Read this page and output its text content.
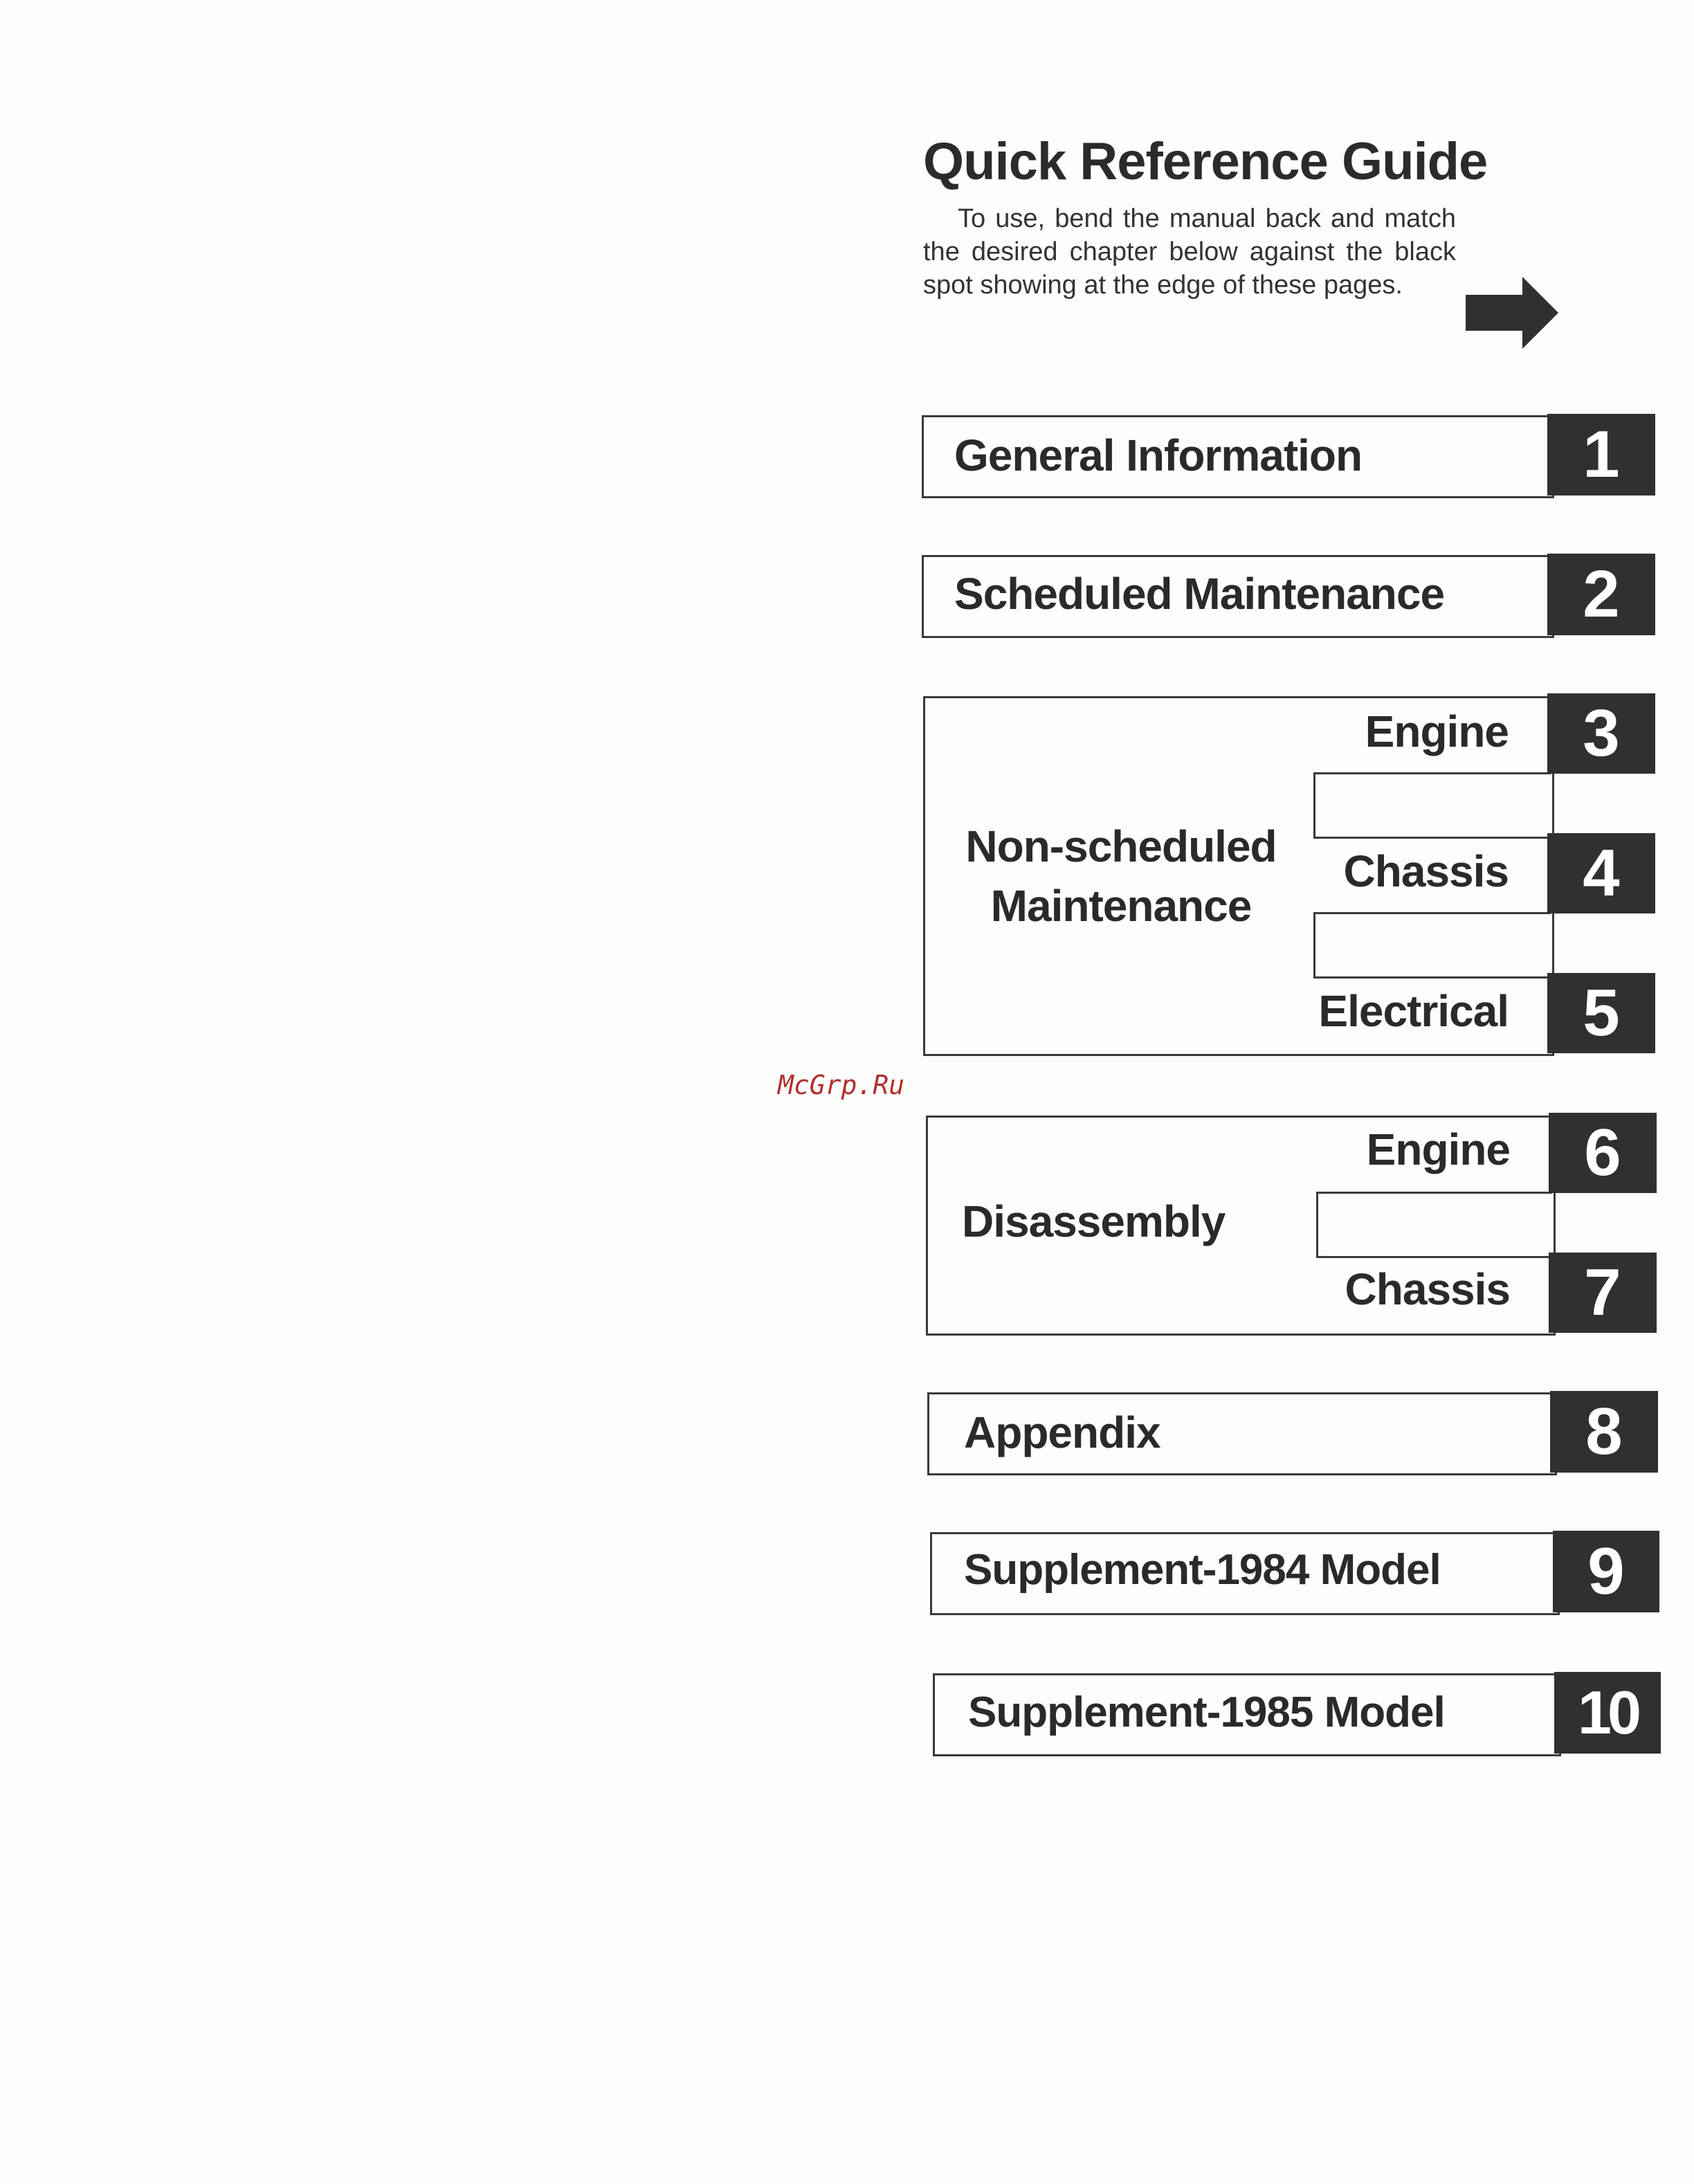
Quick Reference Guide
To use, bend the manual back and match the desired chapter below against the black spot showing at the edge of these pages.
General Information	1
Scheduled Maintenance	2
Non-scheduled
Maintenance
Engine	3
Chassis	4
Electrical	5
McGrp.Ru
Disassembly
Engine	6
Chassis	7
Appendix	8
Supplement-1984 Model	9
Supplement-1985 Model	10
